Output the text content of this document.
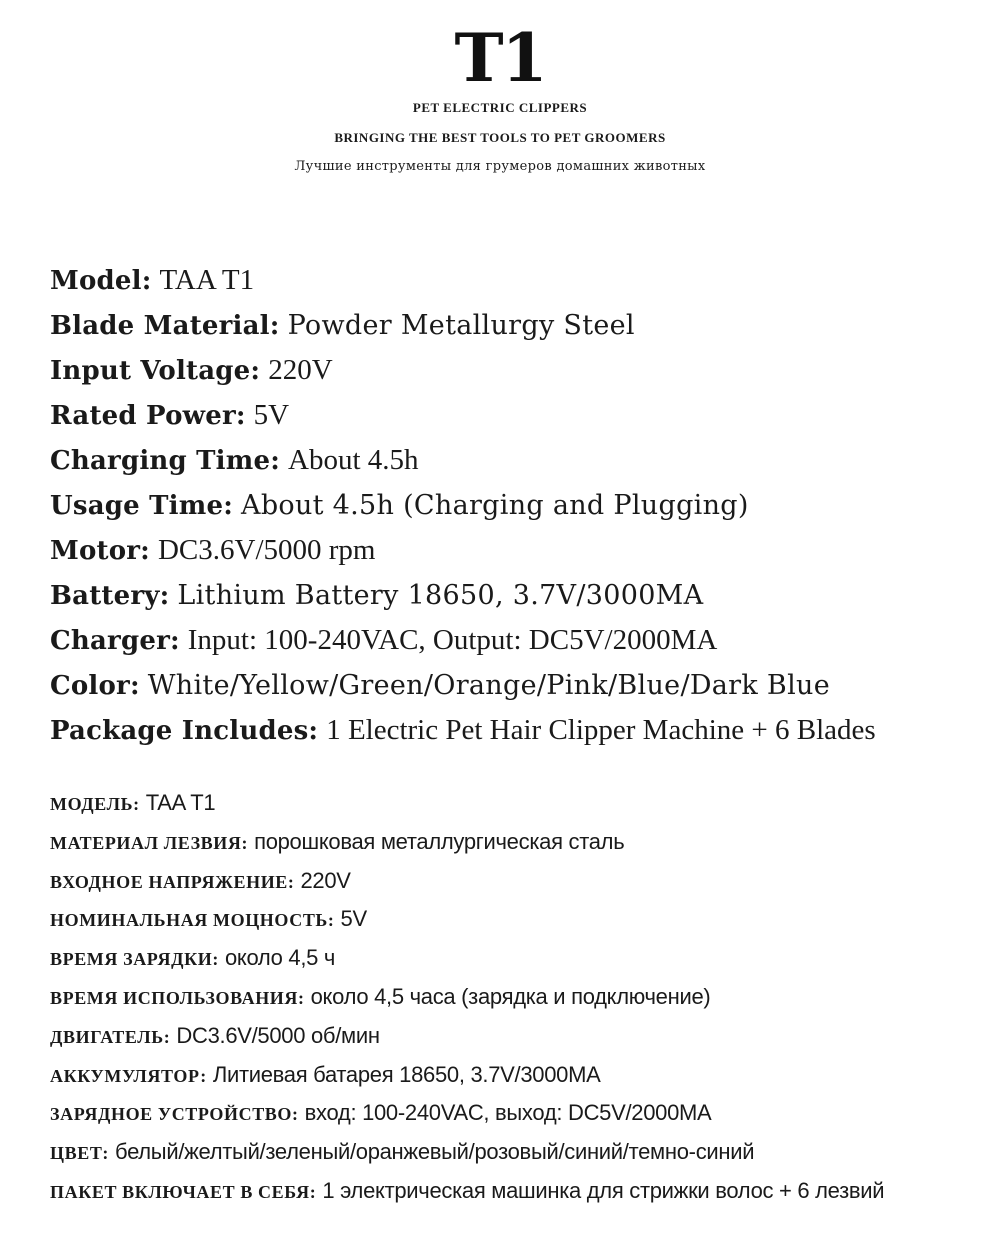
T1
PET ELECTRIC CLIPPERS
BRINGING THE BEST TOOLS TO PET GROOMERS
Лучшие инструменты для грумеров домашних животных
Model: TAA T1
Blade Material: Powder Metallurgy Steel
Input Voltage: 220V
Rated Power: 5V
Charging Time: About 4.5h
Usage Time: About 4.5h (Charging and Plugging)
Motor: DC3.6V/5000 rpm
Battery: Lithium Battery 18650, 3.7V/3000MA
Charger: Input: 100-240VAC, Output: DC5V/2000MA
Color: White/Yellow/Green/Orange/Pink/Blue/Dark Blue
Package Includes: 1 Electric Pet Hair Clipper Machine + 6 Blades
МОДЕЛЬ: TAA T1
МАТЕРИАЛ ЛЕЗВИЯ: порошковая металлургическая сталь
ВХОДНОЕ НАПРЯЖЕНИЕ: 220V
НОМИНАЛЬНАЯ МОЦНОСТЬ: 5V
ВРЕМЯ ЗАРЯДКИ: около 4,5 ч
ВРЕМЯ ИСПОЛЬЗОВАНИЯ: около 4,5 часа (зарядка и подключение)
ДВИГАТЕЛЬ: DC3.6V/5000 об/мин
АККУМУЛЯТОР: Литиевая батарея 18650, 3.7V/3000MA
ЗАРЯДНОЕ УСТРОЙСТВО: вход: 100-240VAC, выход: DC5V/2000MA
ЦВЕТ: белый/желтый/зеленый/оранжевый/розовый/синий/темно-синий
ПАКЕТ ВКЛЮЧАЕТ В СЕБЯ: 1 электрическая машинка для стрижки волос + 6 лезвий
